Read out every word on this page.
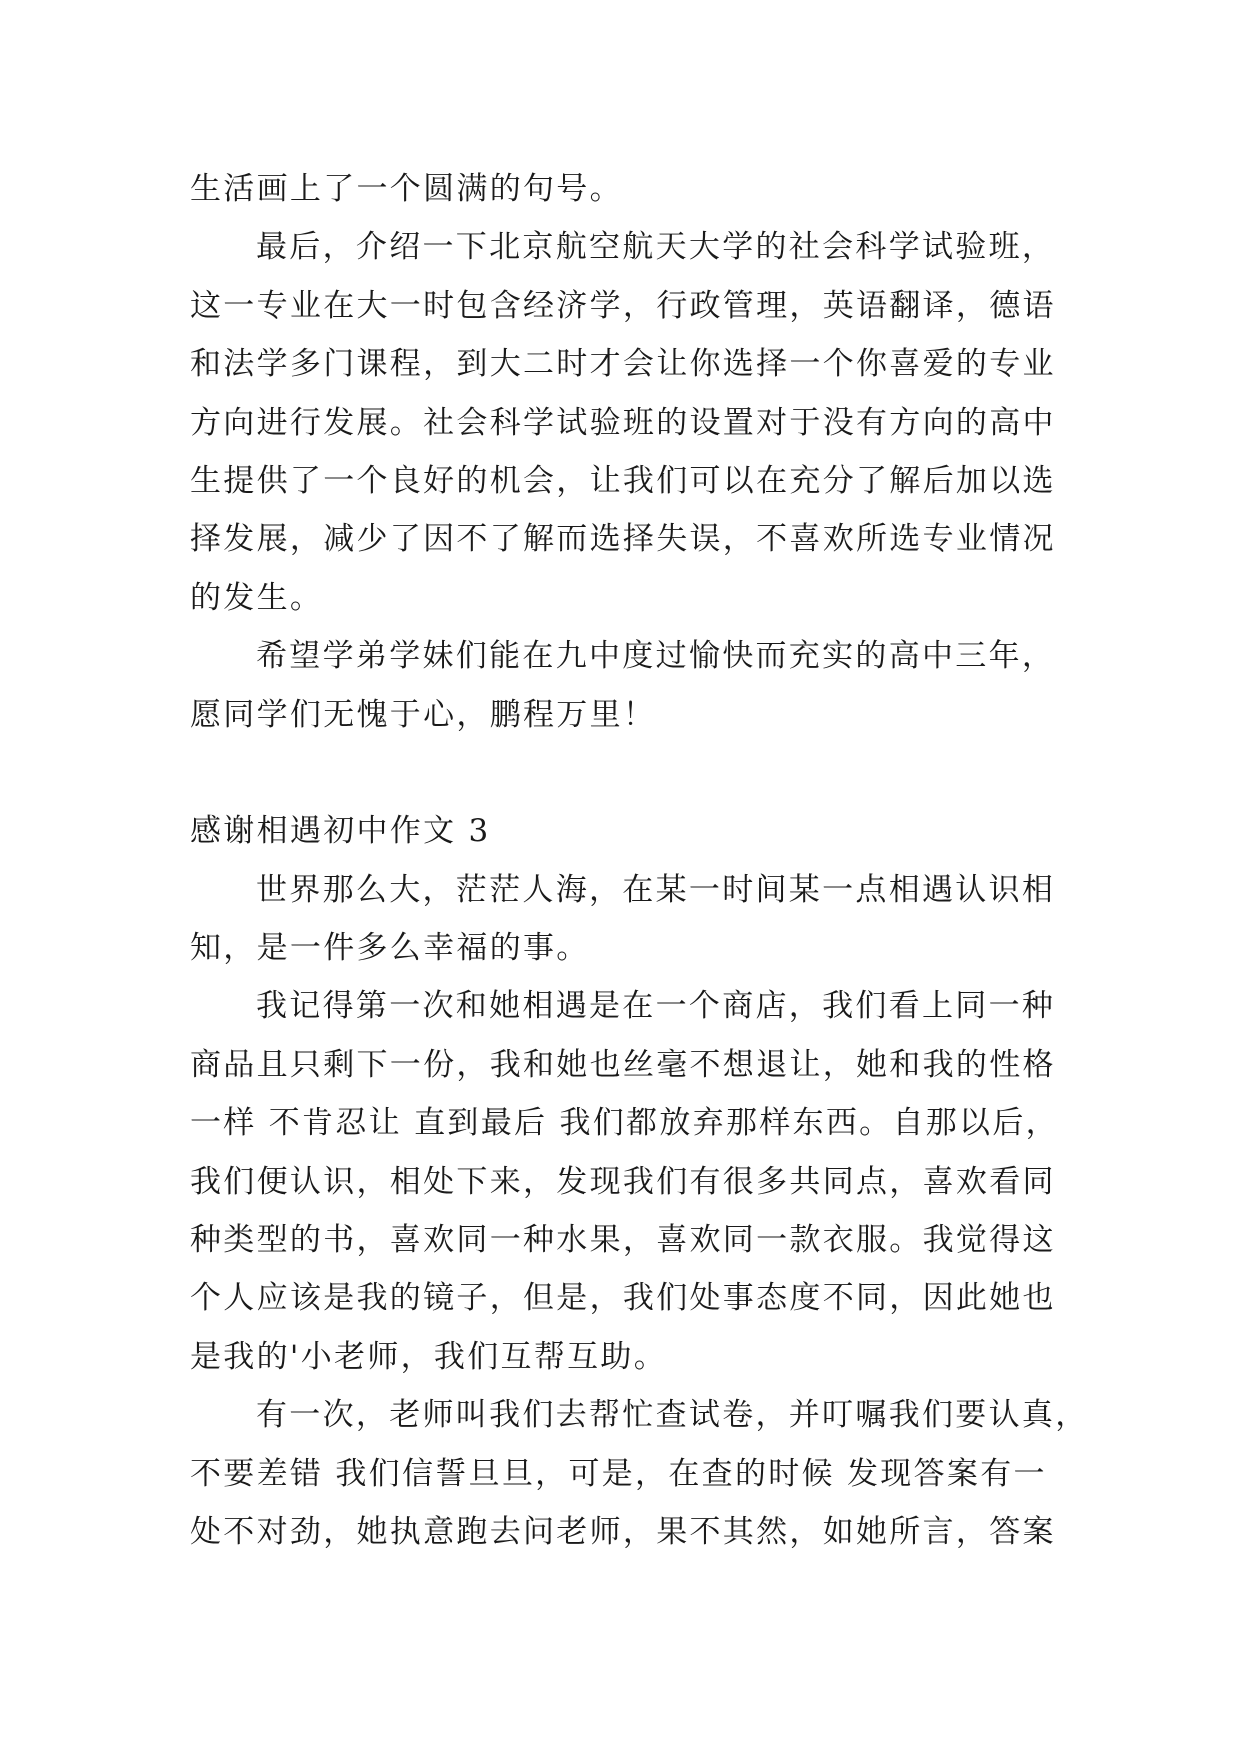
生活画上了一个圆满的句号。
最后，介绍一下北京航空航天大学的社会科学试验班，
这一专业在大一时包含经济学，行政管理，英语翻译，德语
和法学多门课程，到大二时才会让你选择一个你喜爱的专业
方向进行发展。社会科学试验班的设置对于没有方向的高中
生提供了一个良好的机会，让我们可以在充分了解后加以选
择发展，减少了因不了解而选择失误，不喜欢所选专业情况
的发生。
希望学弟学妹们能在九中度过愉快而充实的高中三年，
愿同学们无愧于心，鹏程万里！
感谢相遇初中作文 3
世界那么大，茫茫人海，在某一时间某一点相遇认识相
知，是一件多么幸福的事。
我记得第一次和她相遇是在一个商店，我们看上同一种
商品且只剩下一份，我和她也丝毫不想退让，她和我的性格
一样 不肯忍让 直到最后 我们都放弃那样东西。自那以后，
我们便认识，相处下来，发现我们有很多共同点，喜欢看同
种类型的书，喜欢同一种水果，喜欢同一款衣服。我觉得这
个人应该是我的镜子，但是，我们处事态度不同，因此她也
是我的'小老师，我们互帮互助。
有一次，老师叫我们去帮忙查试卷，并叮嘱我们要认真，
不要差错 我们信誓旦旦，可是，在查的时候 发现答案有一
处不对劲，她执意跑去问老师，果不其然，如她所言，答案
